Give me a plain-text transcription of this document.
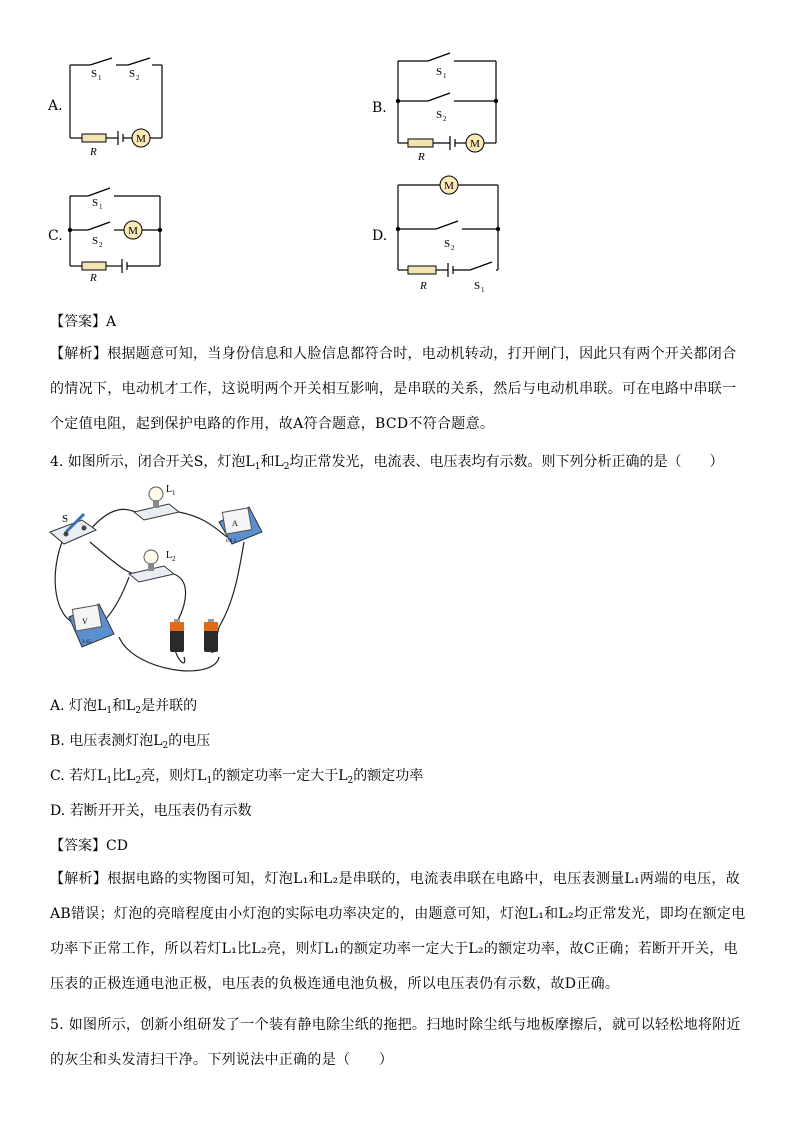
A.
M
S 1	S 2
R
B.
M
S 1
S 2
R
C.	M
S 1
S 2
R
D.
M
S 2
R	S 1
【答案】A
【解析】根据题意可知，当身份信息和人脸信息都符合时，电动机转动，打开闸门，因此只有两个开关都闭合的情况下，电动机才工作，这说明两个开关相互影响，是串联的关系，然后与电动机串联。可在电路中串联一个定值电阻，起到保护电路的作用，故A符合题意，BCD不符合题意。
4. 如图所示，闭合开关S，灯泡$L_1$和$L_2$均正常发光，电流表、电压表均有示数。则下列分析正确的是（　　）
S
L 1
A
0.6 3
L 2
V
3 15
A. 灯泡$L_1$和$L_2$是并联的
B. 电压表测灯泡$L_2$的电压
C. 若灯$L_1$比$L_2$亮，则灯$L_1$的额定功率一定大于$L_2$的额定功率
D. 若断开开关，电压表仍有示数
【答案】CD
【解析】根据电路的实物图可知，灯泡L₁和L₂是串联的，电流表串联在电路中，电压表测量L₁两端的电压，故AB错误；灯泡的亮暗程度由小灯泡的实际电功率决定的，由题意可知，灯泡L₁和L₂均正常发光，即均在额定电功率下正常工作，所以若灯L₁比L₂亮，则灯L₁的额定功率一定大于L₂的额定功率，故C正确；若断开开关，电压表的正极连通电池正极，电压表的负极连通电池负极，所以电压表仍有示数，故D正确。
5. 如图所示，创新小组研发了一个装有静电除尘纸的拖把。扫地时除尘纸与地板摩擦后，就可以轻松地将附近的灰尘和头发清扫干净。下列说法中正确的是（　　）
